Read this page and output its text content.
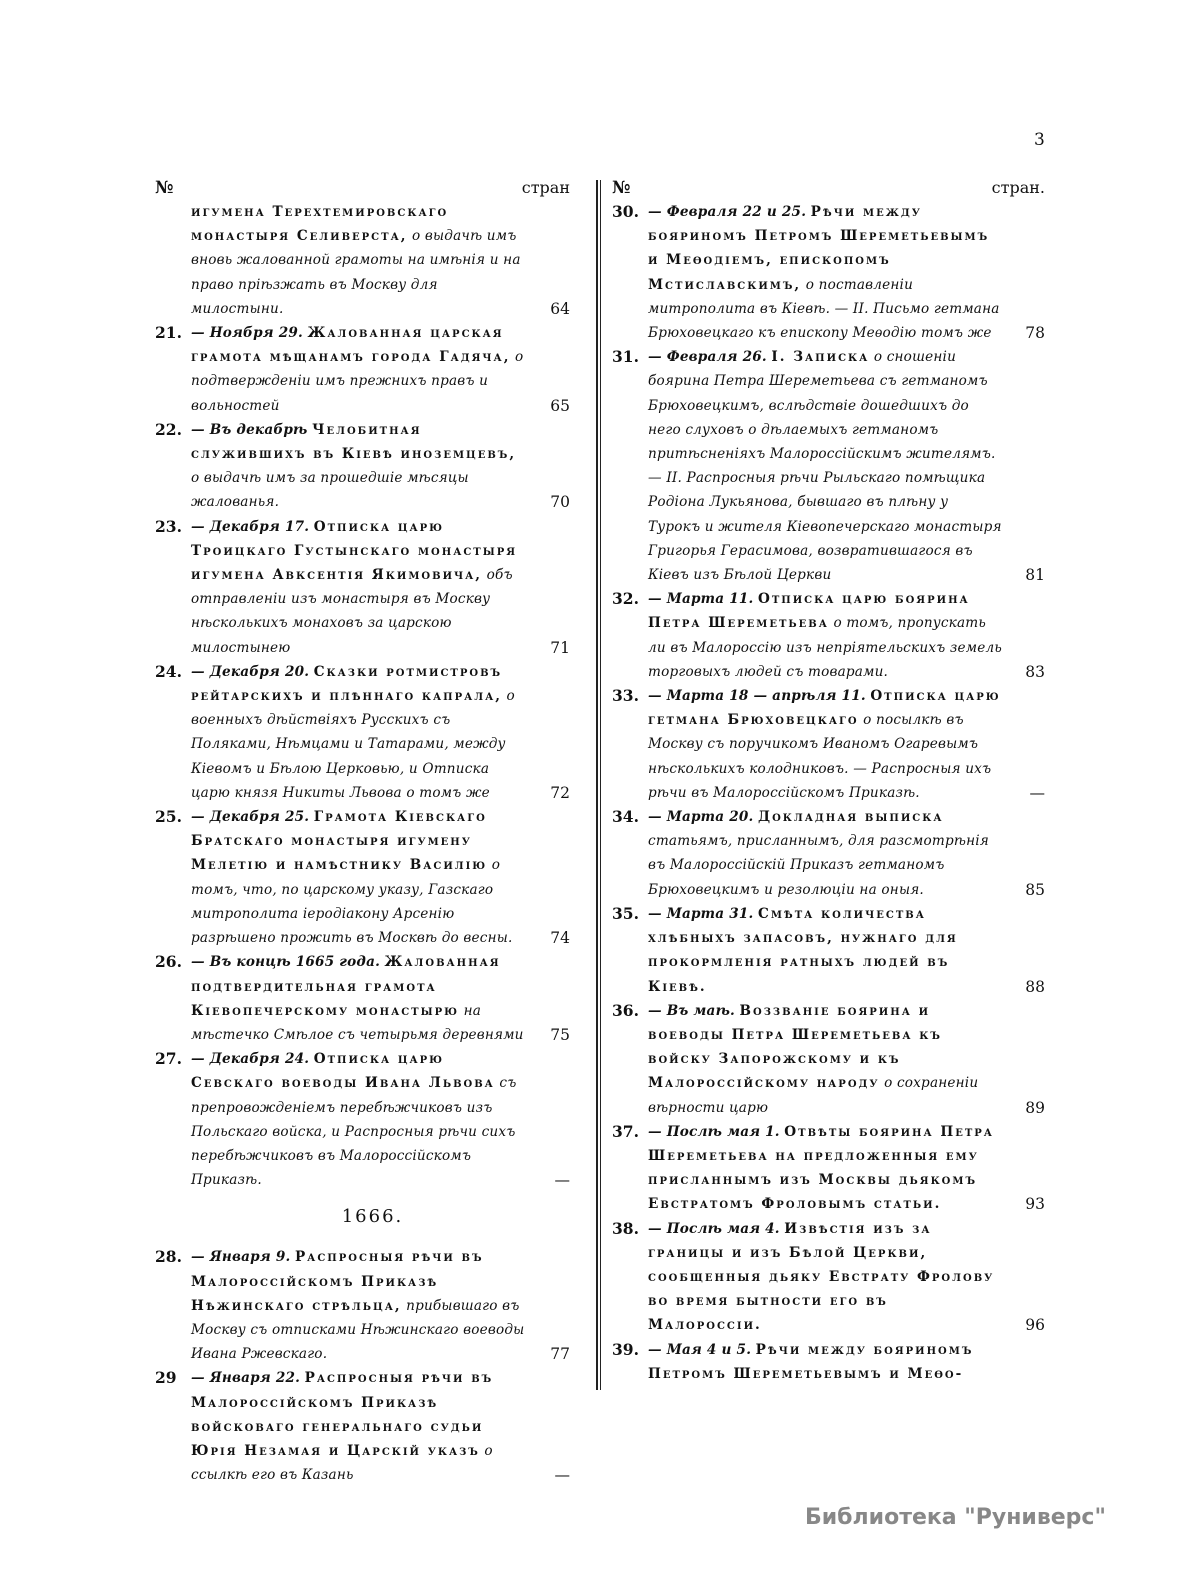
3
№	стран
игумена Терехтемировскаго монастыря Селиверста, о выдачѣ имъ вновь жалованной грамоты на имѣнія и на право пріѣзжать въ Москву для милостыни.	64
21. — Ноября 29. Жалованная царская грамота мѣщанамъ города Гадяча, о подтвержденіи имъ прежнихъ правъ и вольностей	65
22. — Въ декабрѣ Челобитная служившихъ въ Кіевѣ иноземцевъ, о выдачѣ имъ за прошедшіе мѣсяцы жалованья.	70
23. — Декабря 17. Отписка царю Троицкаго Густынскаго монастыря игумена Авксентія Якимовича, объ отправленіи изъ монастыря въ Москву нѣсколькихъ монаховъ за царскою милостынею	71
24. — Декабря 20. Сказки ротмистровъ рейтарскихъ и плѣннаго капрала, о военныхъ дѣйствіяхъ Русскихъ съ Поляками, Нѣмцами и Татарами, между Кіевомъ и Бѣлою Церковью, и Отписка царю князя Никиты Львова о томъ же	72
25. — Декабря 25. Грамота Кіевскаго Братскаго монастыря игумену Мелетію и намѣстнику Василію о томъ, что, по царскому указу, Газскаго митрополита іеродіакону Арсенію разрѣшено прожить въ Москвѣ до весны.	74
26. — Въ концѣ 1665 года. Жалованная подтвердительная грамота Кіевопечерскому монастырю на мѣстечко Смѣлое съ четырьмя деревнями	75
27. — Декабря 24. Отписка царю Севскаго воеводы Ивана Львова съ препровожденіемъ перебѣжчиковъ изъ Польскаго войска, и Распросныя рѣчи сихъ перебѣжчиковъ въ Малороссійскомъ Приказѣ.	—
1666.
28. — Января 9. Распросныя рѣчи въ Малороссійскомъ Приказѣ Нѣжинскаго стрѣльца, прибывшаго въ Москву съ отписками Нѣжинскаго воеводы Ивана Ржевскаго.	77
29	— Января 22. Распросныя рѣчи въ Малороссійскомъ Приказѣ войсковаго генеральнаго судьи Юрія Незамая и Царскій указъ о ссылкѣ его въ Казань	—
№	стран.
30. — Февраля 22 и 25. Рѣчи между бояриномъ Петромъ Шереметьевымъ и Меѳодіемъ, епископомъ Мстиславскимъ, о поставленіи митрополита въ Кіевѣ. — II. Письмо гетмана Брюховецкаго къ епископу Меѳодію томъ же	78
31. — Февраля 26. I. Записка о сношеніи боярина Петра Шереметьева съ гетманомъ Брюховецкимъ, вслѣдствіе дошедшихъ до него слуховъ о дѣлаемыхъ гетманомъ притѣсненіяхъ Малороссійскимъ жителямъ. — II. Распросныя рѣчи Рыльскаго помѣщика Родіона Лукьянова, бывшаго въ плѣну у Турокъ и жителя Кіевопечерскаго монастыря Григорья Герасимова, возвратившагося въ Кіевъ изъ Бѣлой Церкви	81
32. — Марта 11. Отписка царю боярина Петра Шереметьева о томъ, пропускать ли въ Малороссію изъ непріятельскихъ земель торговыхъ людей съ товарами.	83
33. — Марта 18 — апрѣля 11. Отписка царю гетмана Брюховецкаго о посылкѣ въ Москву съ поручикомъ Иваномъ Огаревымъ нѣсколькихъ колодниковъ. — Распросныя ихъ рѣчи въ Малороссійскомъ Приказѣ.	—
34. — Марта 20. Докладная выписка статьямъ, присланнымъ, для разсмотрѣнія въ Малороссійскій Приказъ гетманомъ Брюховецкимъ и резолюціи на оныя.	85
35. — Марта 31. Смѣта количества хлѣбныхъ запасовъ, нужнаго для прокормленія ратныхъ людей въ Кіевѣ.	88
36. — Въ маѣ. Воззваніе боярина и воеводы Петра Шереметьева къ войску Запорожскому и къ Малороссійскому народу о сохраненіи вѣрности царю	89
37. — Послѣ мая 1. Отвѣты боярина Петра Шереметьева на предложенныя ему присланнымъ изъ Москвы дьякомъ Евстратомъ Фроловымъ статьи.	93
38. — Послѣ мая 4. Извѣстія изъ за границы и изъ Бѣлой Церкви, сообщенныя дьяку Евстрату Фролову во время бытности его въ Малороссіи.	96
39. — Мая 4 и 5. Рѣчи между бояриномъ Петромъ Шереметьевымъ и Меѳо-
Библиотека "Руниверс"
